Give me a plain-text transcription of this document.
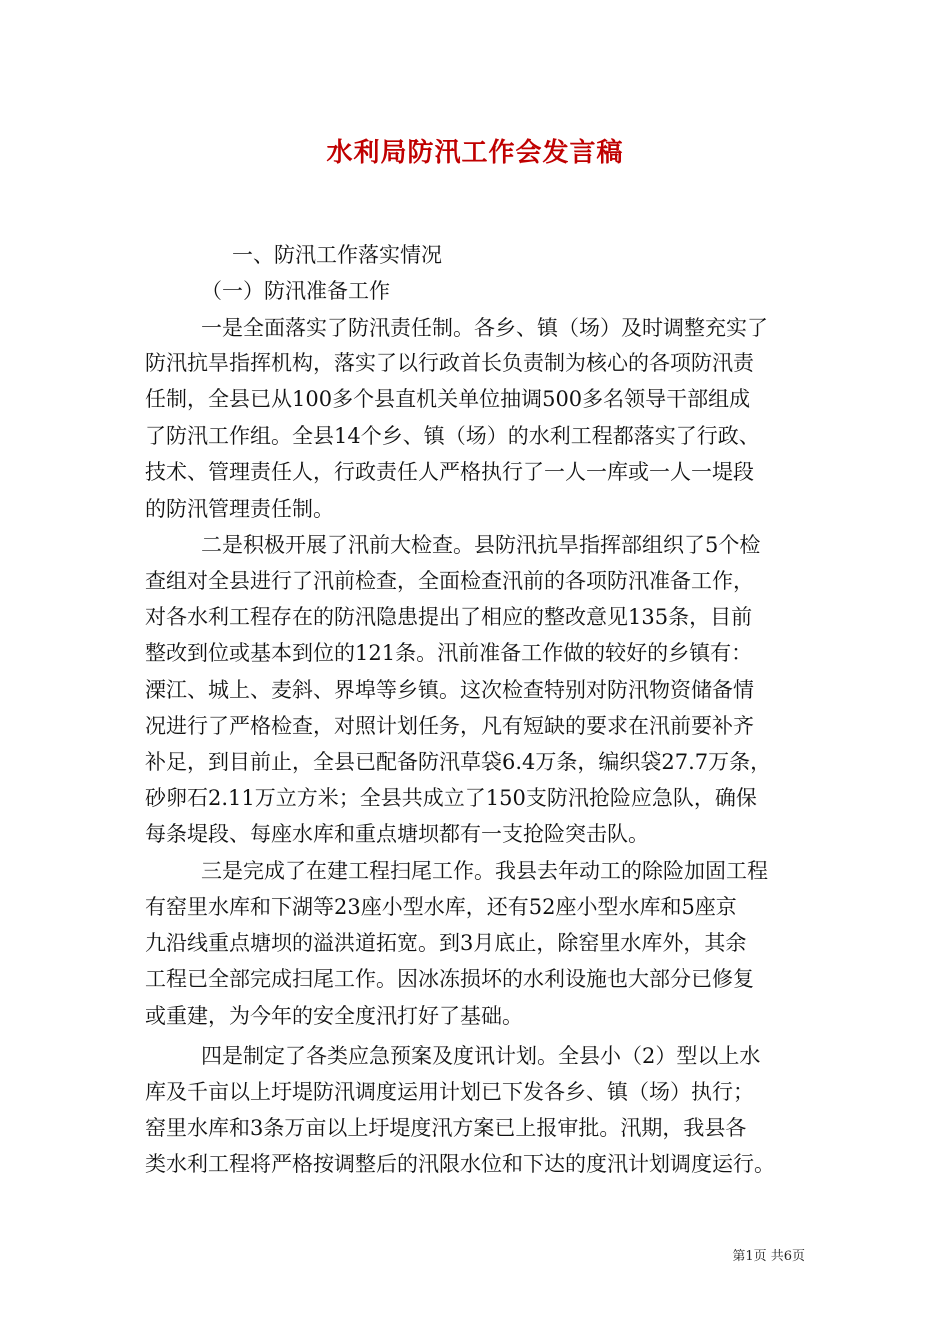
水利局防汛工作会发言稿
一、防汛工作落实情况
（一）防汛准备工作
一是全面落实了防汛责任制。各乡、镇（场）及时调整充实了
防汛抗旱指挥机构，落实了以行政首长负责制为核心的各项防汛责
任制，全县已从100多个县直机关单位抽调500多名领导干部组成
了防汛工作组。全县14个乡、镇（场）的水利工程都落实了行政、
技术、管理责任人，行政责任人严格执行了一人一库或一人一堤段
的防汛管理责任制。
二是积极开展了汛前大检查。县防汛抗旱指挥部组织了5个检
查组对全县进行了汛前检查，全面检查汛前的各项防汛准备工作，
对各水利工程存在的防汛隐患提出了相应的整改意见135条，目前
整改到位或基本到位的121条。汛前准备工作做的较好的乡镇有：
溧江、城上、麦斜、界埠等乡镇。这次检查特别对防汛物资储备情
况进行了严格检查，对照计划任务，凡有短缺的要求在汛前要补齐
补足，到目前止，全县已配备防汛草袋6.4万条，编织袋27.7万条，
砂卵石2.11万立方米；全县共成立了150支防汛抢险应急队，确保
每条堤段、每座水库和重点塘坝都有一支抢险突击队。
三是完成了在建工程扫尾工作。我县去年动工的除险加固工程
有窑里水库和下湖等23座小型水库，还有52座小型水库和5座京
九沿线重点塘坝的溢洪道拓宽。到3月底止，除窑里水库外，其余
工程已全部完成扫尾工作。因冰冻损坏的水利设施也大部分已修复
或重建，为今年的安全度汛打好了基础。
四是制定了各类应急预案及度讯计划。全县小（2）型以上水
库及千亩以上圩堤防汛调度运用计划已下发各乡、镇（场）执行；
窑里水库和3条万亩以上圩堤度汛方案已上报审批。汛期，我县各
类水利工程将严格按调整后的汛限水位和下达的度汛计划调度运行。
第1页 共6页
